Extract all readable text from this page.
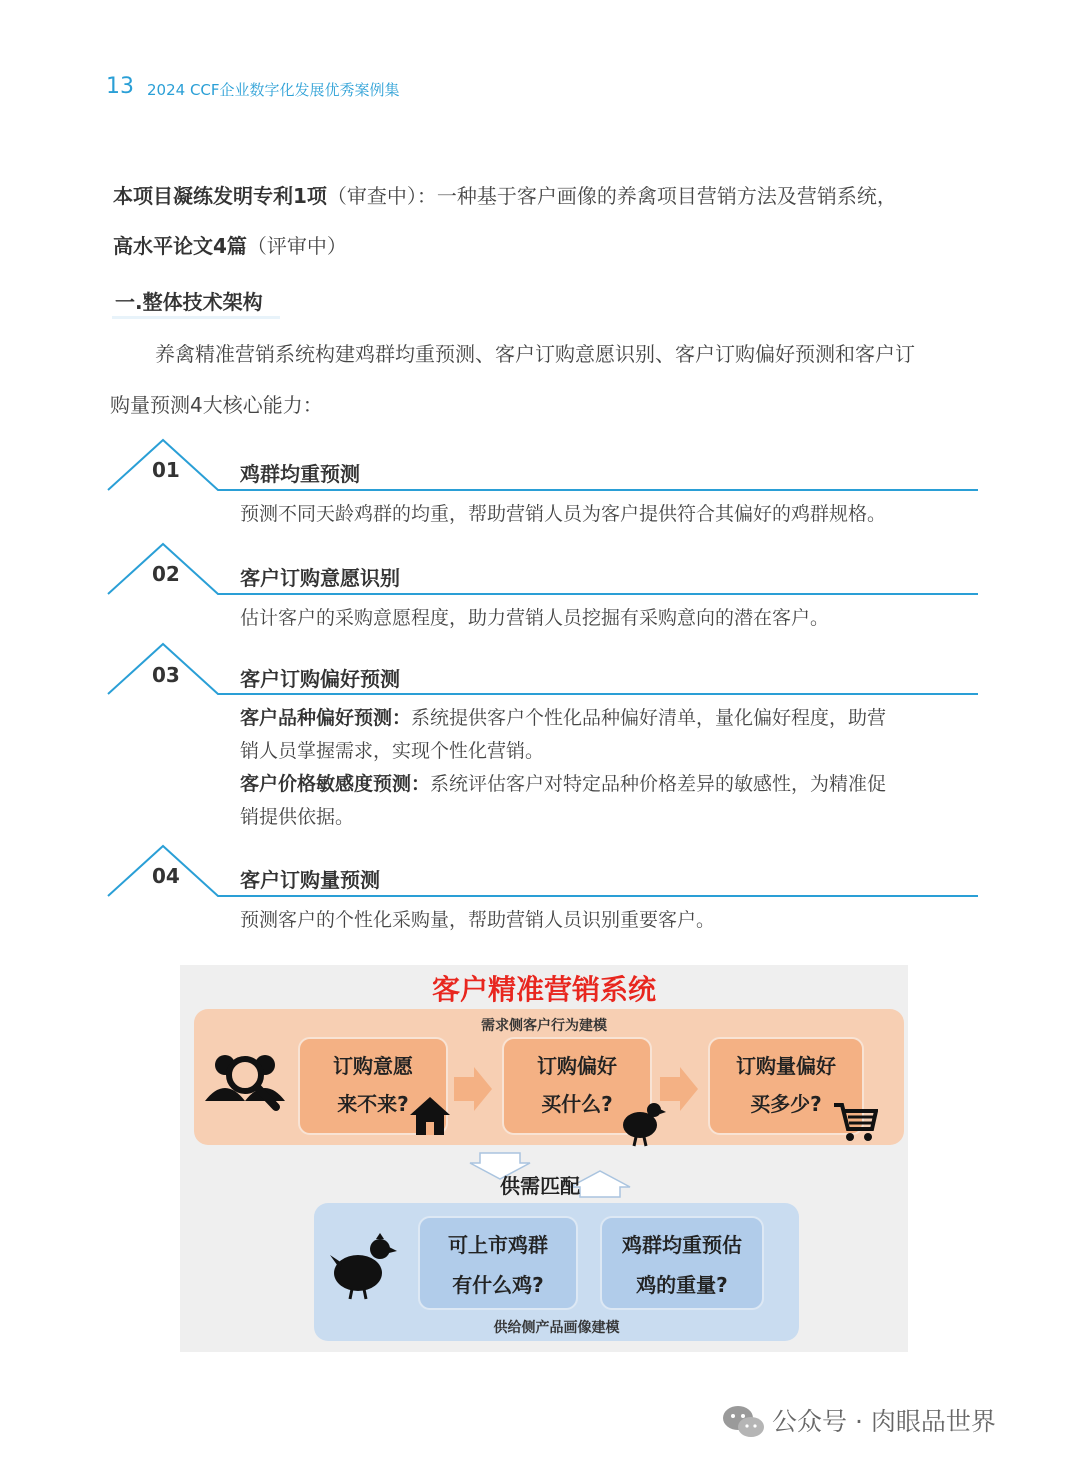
13 2024 CCF企业数字化发展优秀案例集
本项目凝练发明专利1项（审查中）：一种基于客户画像的养禽项目营销方法及营销系统，
高水平论文4篇（评审中）
一.整体技术架构
养禽精准营销系统构建鸡群均重预测、客户订购意愿识别、客户订购偏好预测和客户订
购量预测4大核心能力：
01	鸡群均重预测
预测不同天龄鸡群的均重，帮助营销人员为客户提供符合其偏好的鸡群规格。
02	客户订购意愿识别
估计客户的采购意愿程度，助力营销人员挖掘有采购意向的潜在客户。
03	客户订购偏好预测
客户品种偏好预测：系统提供客户个性化品种偏好清单，量化偏好程度，助营
销人员掌握需求，实现个性化营销。
客户价格敏感度预测：系统评估客户对特定品种价格差异的敏感性，为精准促
销提供依据。
04	客户订购量预测
预测客户的个性化采购量，帮助营销人员识别重要客户。
客户精准营销系统
需求侧客户行为建模
订购意愿
来不来?
订购偏好
买什么?
订购量偏好
买多少?
供需匹配
可上市鸡群
有什么鸡?
鸡群均重预估
鸡的重量?
供给侧产品画像建模
公众号 · 肉眼品世界
